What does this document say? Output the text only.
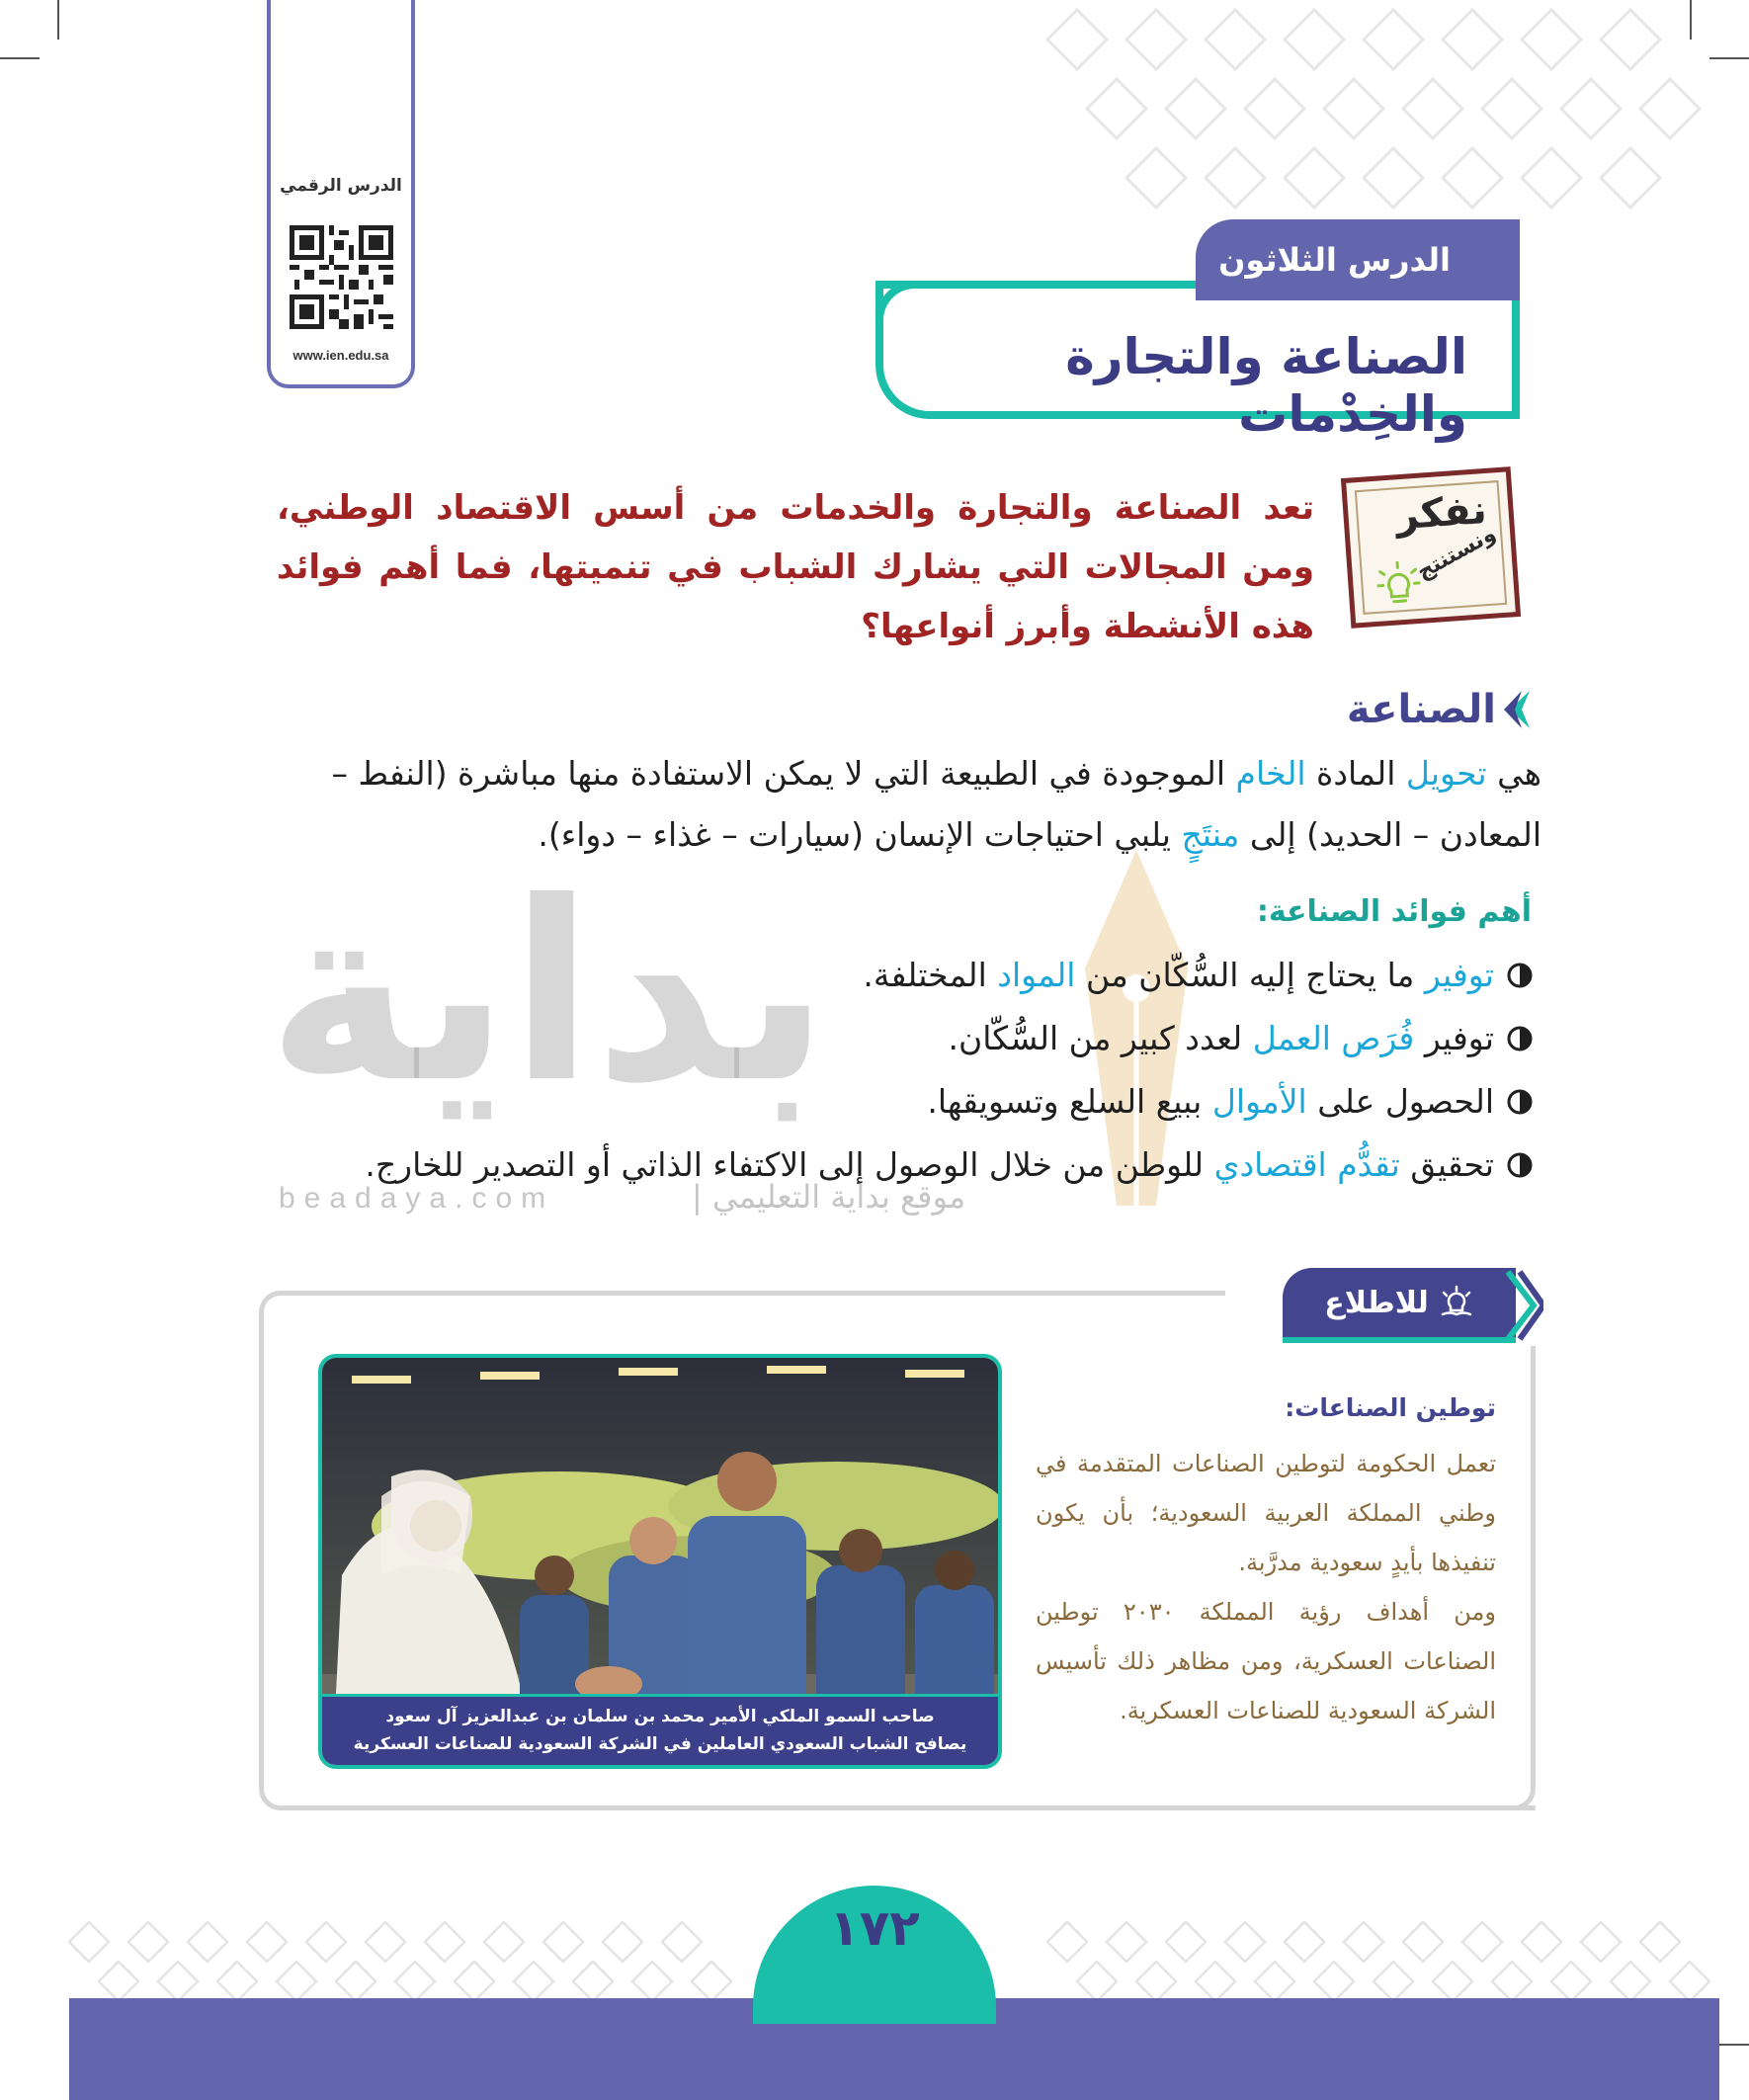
الدرس الرقمي
www.ien.edu.sa	الصناعة والتجارة والخِدْمات
الدرس الثلاثون
نفكر
ونستنتج
تعد الصناعة والتجارة والخدمات من أسس الاقتصاد الوطني، ومن المجالات التي يشارك الشباب في تنميتها، فما أهم فوائد هذه الأنشطة وأبرز أنواعها؟
الصناعة
هي تحويل المادة الخام الموجودة في الطبيعة التي لا يمكن الاستفادة منها مباشرة (النفط – المعادن – الحديد) إلى منتَجٍ يلبي احتياجات الإنسان (سيارات – غذاء – دواء).
أهم فوائد الصناعة:
بداية
beadaya.com	موقع بداية التعليمي |
توفير ما يحتاج إليه السُّكّان من المواد المختلفة.
توفير فُرَص العمل لعدد كبير من السُّكّان.
الحصول على الأموال ببيع السلع وتسويقها.
تحقيق تقدُّم اقتصادي للوطن من خلال الوصول إلى الاكتفاء الذاتي أو التصدير للخارج.
للاطلاع
توطين الصناعات:
تعمل الحكومة لتوطين الصناعات المتقدمة في وطني المملكة العربية السعودية؛ بأن يكون تنفيذها بأيدٍ سعودية مدرَّبة.
ومن أهداف رؤية المملكة ٢٠٣٠ توطين الصناعات العسكرية، ومن مظاهر ذلك تأسيس الشركة السعودية للصناعات العسكرية.
صاحب السمو الملكي الأمير محمد بن سلمان بن عبدالعزيز آل سعود
يصافح الشباب السعودي العاملين في الشركة السعودية للصناعات العسكرية
١٧٢
